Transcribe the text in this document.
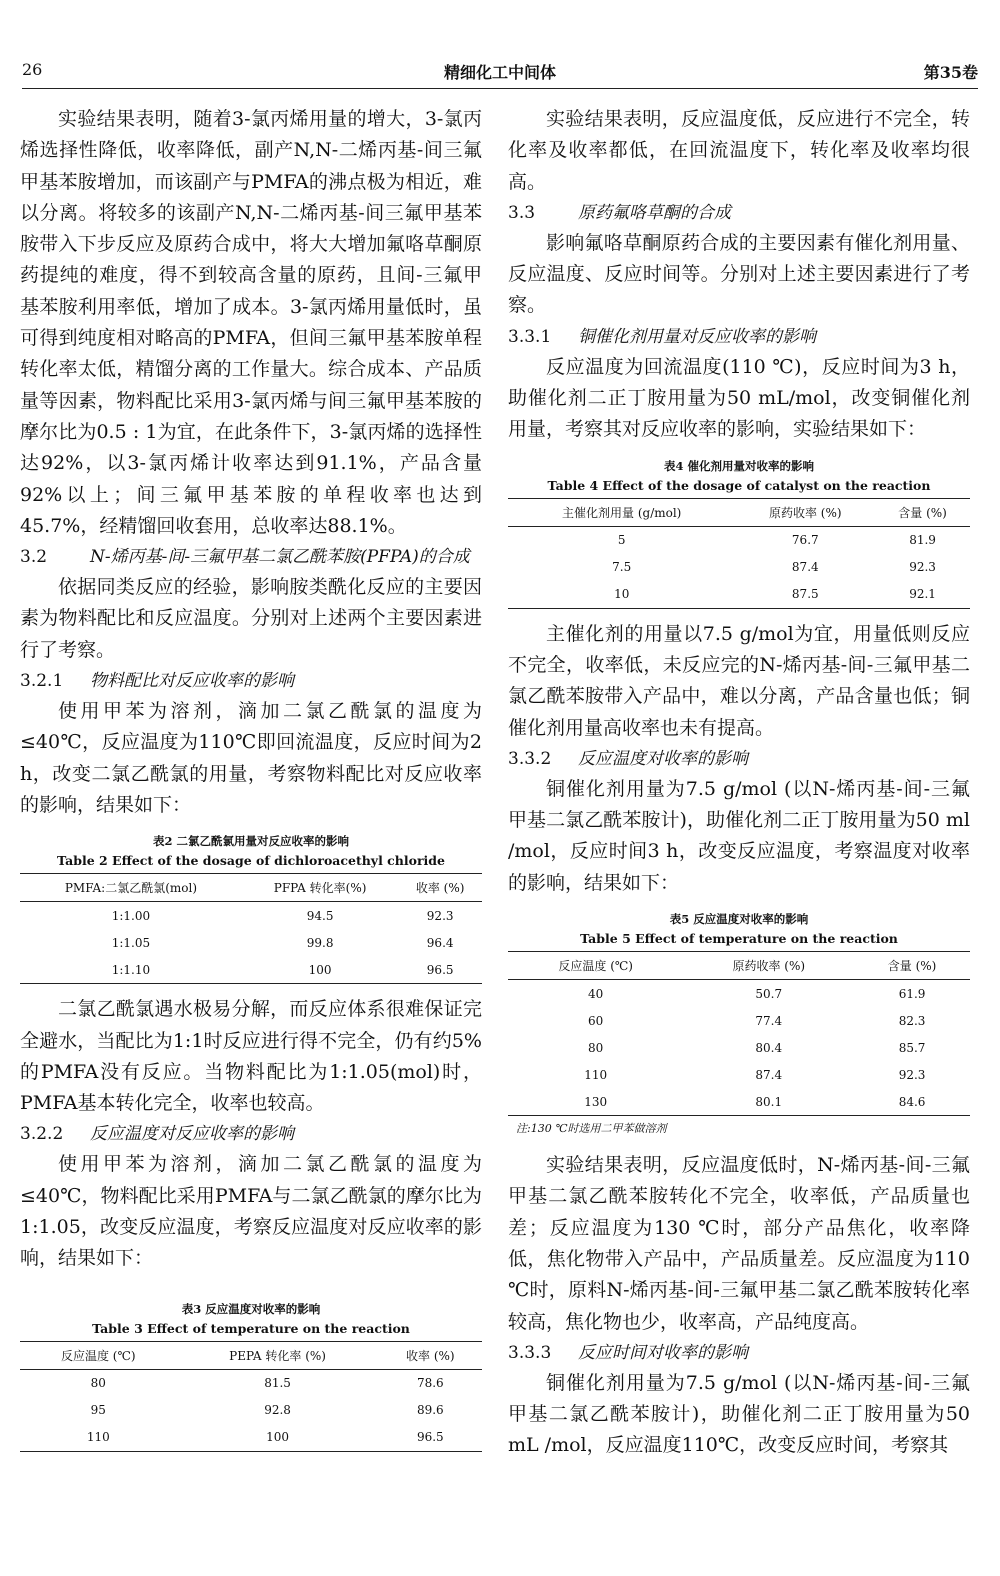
26	精细化工中间体	第35卷

实验结果表明，随着3-氯丙烯用量的增大，3-氯丙烯选择性降低，收率降低，副产N,N-二烯丙基-间三氟甲基苯胺增加，而该副产与PMFA的沸点极为相近，难以分离。将较多的该副产N,N-二烯丙基-间三氟甲基苯胺带入下步反应及原药合成中，将大大增加氟咯草酮原药提纯的难度，得不到较高含量的原药，且间-三氟甲基苯胺利用率低，增加了成本。3-氯丙烯用量低时，虽可得到纯度相对略高的PMFA，但间三氟甲基苯胺单程转化率太低，精馏分离的工作量大。综合成本、产品质量等因素，物料配比采用3-氯丙烯与间三氟甲基苯胺的摩尔比为0.5 : 1为宜，在此条件下，3-氯丙烯的选择性达92%，以3-氯丙烯计收率达到91.1%，产品含量92%以上；间三氟甲基苯胺的单程收率也达到45.7%，经精馏回收套用，总收率达88.1%。

3.2	N-烯丙基-间-三氟甲基二氯乙酰苯胺(PFPA)的合成

依据同类反应的经验，影响胺类酰化反应的主要因素为物料配比和反应温度。分别对上述两个主要因素进行了考察。

3.2.1 物料配比对反应收率的影响

使用甲苯为溶剂，滴加二氯乙酰氯的温度为≤40℃，反应温度为110℃即回流温度，反应时间为2 h，改变二氯乙酰氯的用量，考察物料配比对反应收率的影响，结果如下：

表2 二氯乙酰氯用量对反应收率的影响
Table 2 Effect of the dosage of dichloroacethyl chloride
PMFA:二氯乙酰氯(mol)	PFPA 转化率(%)	收率 (%)
1:1.00	94.5	92.3
1:1.05	99.8	96.4
1:1.10	100	96.5

二氯乙酰氯遇水极易分解，而反应体系很难保证完全避水，当配比为1:1时反应进行得不完全，仍有约5%的PMFA没有反应。当物料配比为1:1.05(mol)时，PMFA基本转化完全，收率也较高。

3.2.2 反应温度对反应收率的影响

使用甲苯为溶剂，滴加二氯乙酰氯的温度为≤40℃，物料配比采用PMFA与二氯乙酰氯的摩尔比为1:1.05，改变反应温度，考察反应温度对反应收率的影响，结果如下：

表3 反应温度对收率的影响
Table 3 Effect of temperature on the reaction
反应温度 (℃)	PEPA 转化率 (%)	收率 (%)
80	81.5	78.6
95	92.8	89.6
110	100	96.5

实验结果表明，反应温度低，反应进行不完全，转化率及收率都低，在回流温度下，转化率及收率均很高。

3.3	原药氟咯草酮的合成

影响氟咯草酮原药合成的主要因素有催化剂用量、反应温度、反应时间等。分别对上述主要因素进行了考察。

3.3.1 铜催化剂用量对反应收率的影响

反应温度为回流温度(110 ℃)，反应时间为3 h，助催化剂二正丁胺用量为50 mL/mol，改变铜催化剂用量，考察其对反应收率的影响，实验结果如下：

表4 催化剂用量对收率的影响
Table 4 Effect of the dosage of catalyst on the reaction
主催化剂用量 (g/mol)	原药收率 (%)	含量 (%)
5	76.7	81.9
7.5	87.4	92.3
10	87.5	92.1

主催化剂的用量以7.5 g/mol为宜，用量低则反应不完全，收率低，未反应完的N-烯丙基-间-三氟甲基二氯乙酰苯胺带入产品中，难以分离，产品含量也低；铜催化剂用量高收率也未有提高。

3.3.2 反应温度对收率的影响

铜催化剂用量为7.5 g/mol (以N-烯丙基-间-三氟甲基二氯乙酰苯胺计)，助催化剂二正丁胺用量为50 ml /mol，反应时间3 h，改变反应温度，考察温度对收率的影响，结果如下：

表5 反应温度对收率的影响
Table 5 Effect of temperature on the reaction
反应温度 (℃)	原药收率 (%)	含量 (%)
40	50.7	61.9
60	77.4	82.3
80	80.4	85.7
110	87.4	92.3
130	80.1	84.6
注:130 ℃时选用二甲苯做溶剂

实验结果表明，反应温度低时，N-烯丙基-间-三氟甲基二氯乙酰苯胺转化不完全，收率低，产品质量也差；反应温度为130 ℃时，部分产品焦化，收率降低，焦化物带入产品中，产品质量差。反应温度为110 ℃时，原料N-烯丙基-间-三氟甲基二氯乙酰苯胺转化率较高，焦化物也少，收率高，产品纯度高。

3.3.3 反应时间对收率的影响

铜催化剂用量为7.5 g/mol (以N-烯丙基-间-三氟甲基二氯乙酰苯胺计)，助催化剂二正丁胺用量为50 mL /mol，反应温度110℃，改变反应时间，考察其
